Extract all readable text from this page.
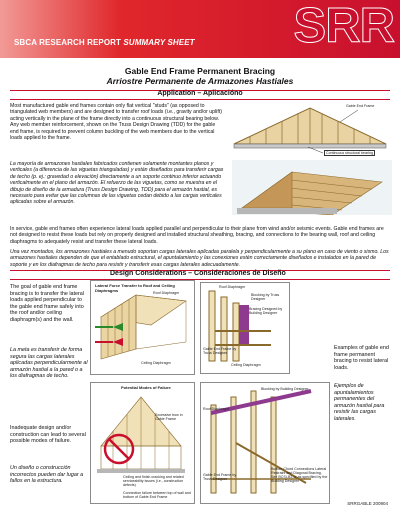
SBCA RESEARCH REPORT SUMMARY SHEET SRR
Gable End Frame Permanent Bracing
Arriostre Permanente de Armazones Hastiales
Application – Aplicacióno
Most manufactured gable end frames contain only flat vertical "studs" (as opposed to triangulated web members) and are designed to transfer roof loads (i.e., gravity and/or uplift) acting vertically in the plane of the frame directly into a continuous structural bearing below. Any web member reinforcement, shown on the Truss Design Drawing (TDD) for the gable end frame, is required to prevent column buckling of the web members due to the vertical loads applied to the frame.
Gable End Frame
Continuous structural bearing
La mayoría de armazones hastiales fabricados contienen solamente montantes planos y verticales (a diferencia de las viguetas trianguladas) y están diseñados para transferir cargas de techo (p. ej.: gravedad o elevación) directamente a un soporte continuo inferior actuando verticalmente en el plano del armazón. El refuerzo de las viguetas, como se muestra en el dibujo de diseño de la armadura (Truss Design Drawing, TDD) para el armazón hastial, es necesario para evitar que las columnas de las viguetas cedan debido a las cargas verticales aplicadas sobre el armazón.
In service, gable end frames often experience lateral loads applied parallel and perpendicular to their plane from wind and/or seismic events. Gable end frames are not designed to resist these loads but rely on properly designed and installed structural sheathing, bracing, and connections to the bearing wall, roof and ceiling diaphragms to adequately resist and transfer these lateral loads.
Una vez montados, los armazones hastiales a menudo soportan cargas laterales aplicadas paralela y perpendicularmente a su plano en caso de viento o sismo. Los armazones hastiales dependen de que el entablado estructural, el apuntalamiento y las conexiones estén correctamente diseñados e instalados en la pared de soporte y en los diafragmas de techo para resistir y transferir esas cargas laterales adecuadamente.
Design Considerations – Consideraciones de Diseño
The goal of gable end frame bracing is to transfer the lateral loads applied perpendicular to the gable end frame safely into the roof and/or ceiling diaphragm(s) and the wall.
La meta es transferir de forma segura las cargas laterales aplicadas perpendicularmente al armazón hastial a la pared o a los diafragmas de techo.
Inadequate design and/or construction can lead to several possible modes of failure.
Un diseño o construcción incorrectos pueden dar lugar a fallos en la estructura.
Lateral Force Transfer to Roof and Ceiling Diaphragms	Roof Diaphragm
Ceiling Diaphragm
Potential Modes of Failure
Excessive bow in Gable Frame
Ceiling and finish cracking and related serviceability issues (i.e., construction defects)
Connection failure between top of wall and bottom of Gable End Frame
Roof Diaphragm
Blocking by Truss Designer
Bracing Designed by Building Designer
Gable End Frame by Truss Designer
Ceiling Diaphragm
Blocking by Building Designer
Roof Diaphragm
Bottom Chord Connections Lateral Restraint and Diagonal Bracing, See BCSI-B3 or as specified by the Building Designer
Gable End Frame by Truss Designer
Examples of gable end frame permanent bracing to resist lateral loads.
Ejemplos de apuntalamientos permanentes del armazón hastial para resistir las cargas laterales.
SRRGABLE 200904
